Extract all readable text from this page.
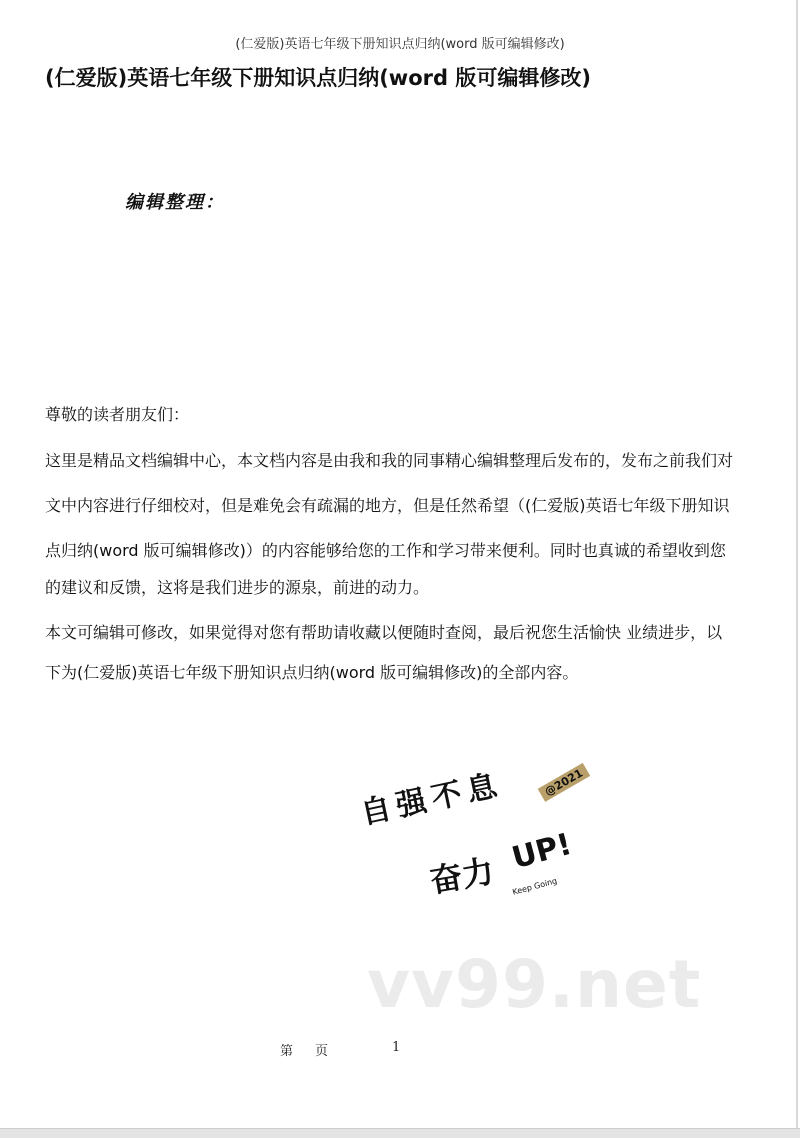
(仁爱版)英语七年级下册知识点归纳(word 版可编辑修改)
(仁爱版)英语七年级下册知识点归纳(word 版可编辑修改)
编辑整理：
尊敬的读者朋友们：
这里是精品文档编辑中心，本文档内容是由我和我的同事精心编辑整理后发布的，发布之前我们对
文中内容进行仔细校对，但是难免会有疏漏的地方，但是任然希望（(仁爱版)英语七年级下册知识
点归纳(word 版可编辑修改)）的内容能够给您的工作和学习带来便利。同时也真诚的希望收到您
的建议和反馈，这将是我们进步的源泉，前进的动力。
本文可编辑可修改，如果觉得对您有帮助请收藏以便随时查阅，最后祝您生活愉快 业绩进步，以
下为(仁爱版)英语七年级下册知识点归纳(word 版可编辑修改)的全部内容。
自强不息	@2021
奋力 UP!
Keep Going
vv99.net
第 页	1
